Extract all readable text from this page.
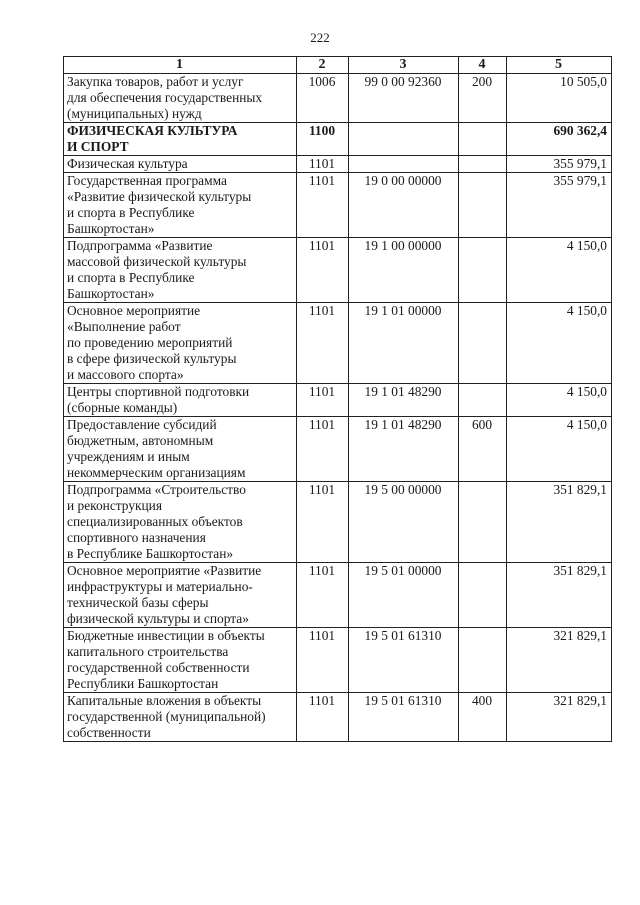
222
1	2	3	4	5

Закупка товаров, работ и услуг
для обеспечения государственных
(муниципальных) нужд	1006	99 0 00 92360	200	10 505,0

ФИЗИЧЕСКАЯ КУЛЬТУРА
И СПОРТ	1100			690 362,4

Физическая культура	1101			355 979,1

Государственная программа
«Развитие физической культуры
и спорта в Республике
Башкортостан»	1101	19 0 00 00000		355 979,1

Подпрограмма «Развитие
массовой физической культуры
и спорта в Республике
Башкортостан»	1101	19 1 00 00000		4 150,0

Основное мероприятие
«Выполнение работ
по проведению мероприятий
в сфере физической культуры
и массового спорта»	1101	19 1 01 00000		4 150,0

Центры спортивной подготовки
(сборные команды)	1101	19 1 01 48290		4 150,0

Предоставление субсидий
бюджетным, автономным
учреждениям и иным
некоммерческим организациям	1101	19 1 01 48290	600	4 150,0

Подпрограмма «Строительство
и реконструкция
специализированных объектов
спортивного назначения
в Республике Башкортостан»	1101	19 5 00 00000		351 829,1

Основное мероприятие «Развитие
инфраструктуры и материально-
технической базы сферы
физической культуры и спорта»	1101	19 5 01 00000		351 829,1

Бюджетные инвестиции в объекты
капитального строительства
государственной собственности
Республики Башкортостан	1101	19 5 01 61310		321 829,1

Капитальные вложения в объекты
государственной (муниципальной)
собственности	1101	19 5 01 61310	400	321 829,1
